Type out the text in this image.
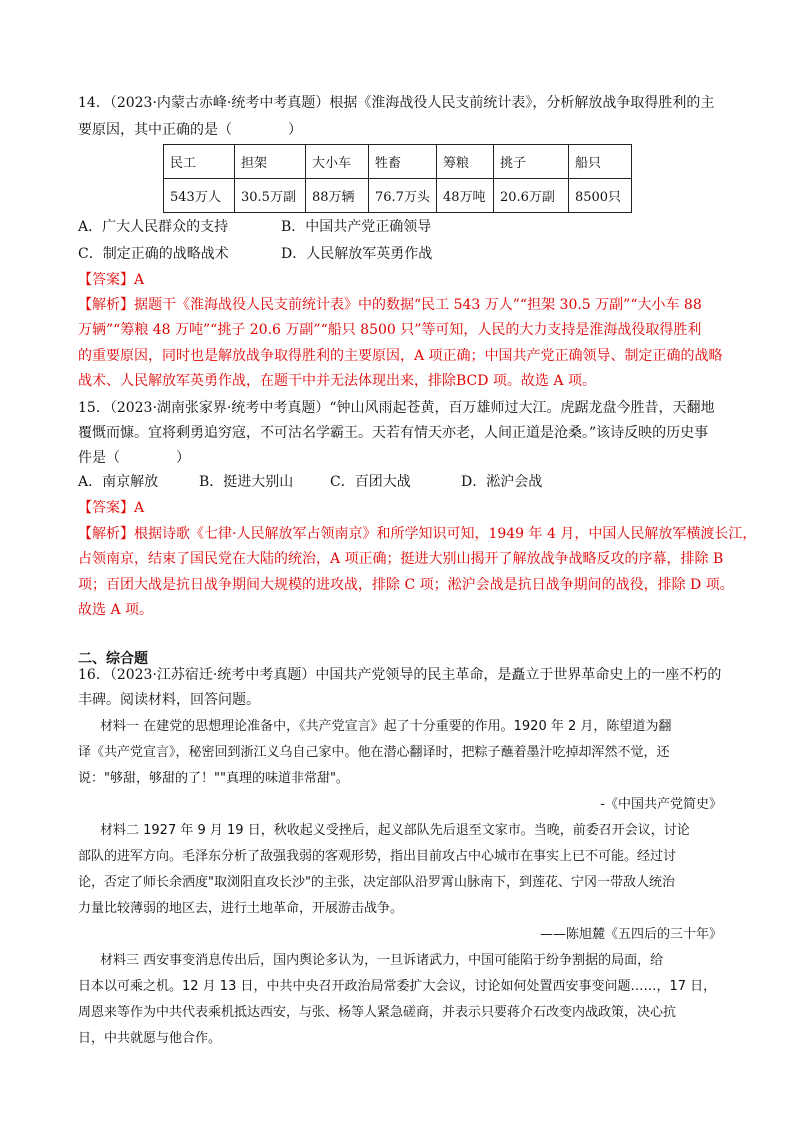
14．（2023·内蒙古赤峰·统考中考真题）根据《淮海战役人民支前统计表》，分析解放战争取得胜利的主
要原因，其中正确的是（　　　　）
民工	担架	大小车	牲畜	筹粮	挑子	船只
543万人	30.5万副	88万辆	76.7万头	48万吨	20.6万副	8500只
A．广大人民群众的支持	B．中国共产党正确领导
C．制定正确的战略战术	D．人民解放军英勇作战
【答案】A
【解析】据题干《淮海战役人民支前统计表》中的数据“民工 543 万人”“担架 30.5 万副”“大小车 88
万辆”“筹粮 48 万吨”“挑子 20.6 万副”“船只 8500 只”等可知，人民的大力支持是淮海战役取得胜利
的重要原因，同时也是解放战争取得胜利的主要原因，A 项正确；中国共产党正确领导、制定正确的战略
战术、人民解放军英勇作战，在题干中并无法体现出来，排除BCD 项。故选 A 项。
15．（2023·湖南张家界·统考中考真题）“钟山风雨起苍黄，百万雄师过大江。虎踞龙盘今胜昔，天翻地
覆慨而慷。宜将剩勇追穷寇，不可沽名学霸王。天若有情天亦老，人间正道是沧桑。”该诗反映的历史事
件是（　　　　）
A．南京解放	B．挺进大别山	C．百团大战	D．淞沪会战
【答案】A
【解析】根据诗歌《七律·人民解放军占领南京》和所学知识可知，1949 年 4 月，中国人民解放军横渡长江，
占领南京，结束了国民党在大陆的统治，A 项正确；挺进大别山揭开了解放战争战略反攻的序幕，排除 B
项；百团大战是抗日战争期间大规模的进攻战，排除 C 项；淞沪会战是抗日战争期间的战役，排除 D 项。
故选 A 项。
二、综合题
16．（2023·江苏宿迁·统考中考真题）中国共产党领导的民主革命，是矗立于世界革命史上的一座不朽的
丰碑。阅读材料，回答问题。
材料一 在建党的思想理论准备中，《共产党宣言》起了十分重要的作用。1920 年 2 月，陈望道为翻
译《共产党宣言》，秘密回到浙江义乌自己家中。他在潜心翻译时，把粽子蘸着墨汁吃掉却浑然不觉，还
说："够甜，够甜的了！""真理的味道非常甜"。
-《中国共产党简史》
材料二 1927 年 9 月 19 日，秋收起义受挫后，起义部队先后退至文家市。当晚，前委召开会议，讨论
部队的进军方向。毛泽东分析了敌强我弱的客观形势，指出目前攻占中心城市在事实上已不可能。经过讨
论，否定了师长余洒度"取浏阳直攻长沙"的主张，决定部队沿罗霄山脉南下，到莲花、宁冈一带敌人统治
力量比较薄弱的地区去，进行土地革命，开展游击战争。
——陈旭麓《五四后的三十年》
材料三 西安事变消息传出后，国内舆论多认为，一旦诉诸武力，中国可能陷于纷争割据的局面，给
日本以可乘之机。12 月 13 日，中共中央召开政治局常委扩大会议，讨论如何处置西安事变问题……，17 日，
周恩来等作为中共代表乘机抵达西安，与张、杨等人紧急磋商，并表示只要蒋介石改变内战政策，决心抗
日，中共就愿与他合作。
